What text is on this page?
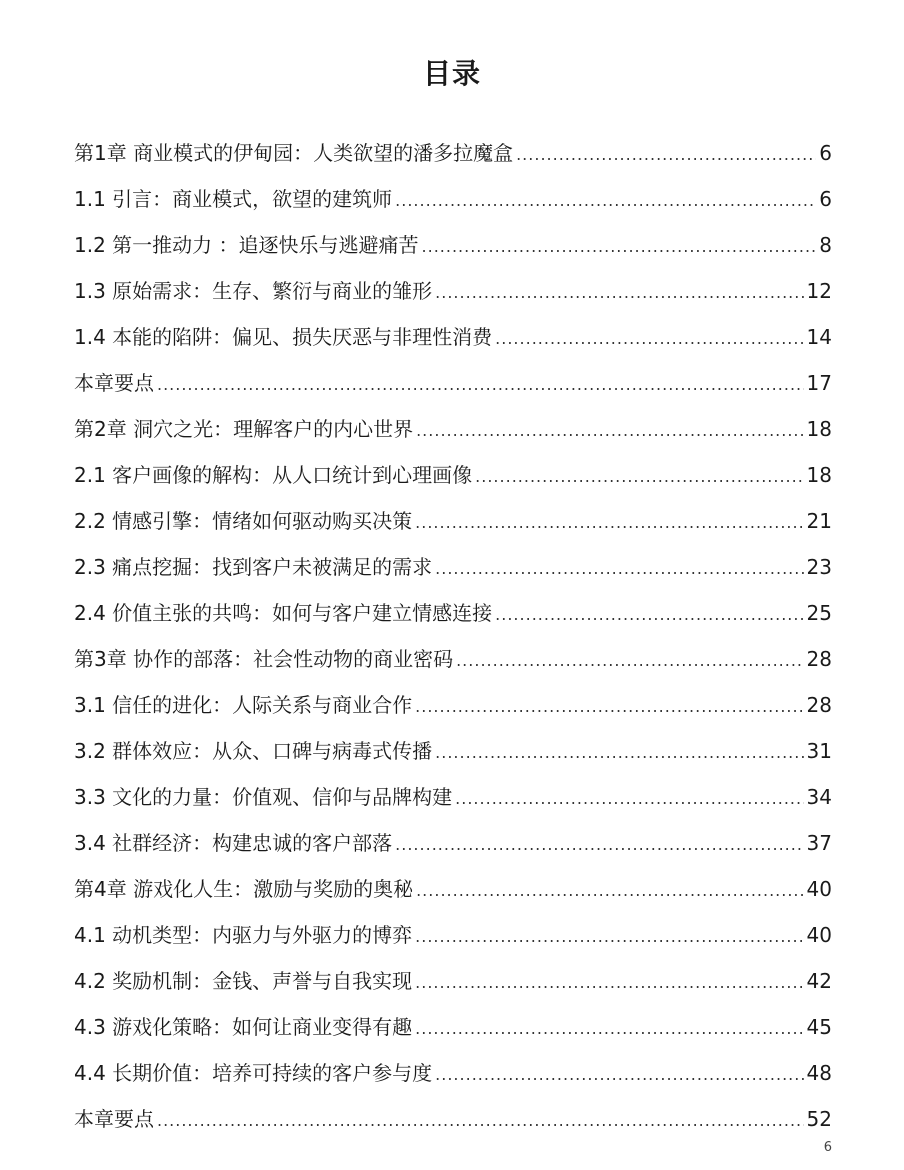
目录
第1章 商业模式的伊甸园：人类欲望的潘多拉魔盒 .....	6
1.1 引言：商业模式，欲望的建筑师 .....	6
1.2 第一推动力 ：追逐快乐与逃避痛苦 .....	8
1.3 原始需求：生存、繁衍与商业的雏形 .....	12
1.4 本能的陷阱：偏见、损失厌恶与非理性消费 .....	14
本章要点 .....	17
第2章 洞穴之光：理解客户的内心世界 .....	18
2.1 客户画像的解构：从人口统计到心理画像 .....	18
2.2 情感引擎：情绪如何驱动购买决策 .....	21
2.3 痛点挖掘：找到客户未被满足的需求 .....	23
2.4 价值主张的共鸣：如何与客户建立情感连接 .....	25
第3章 协作的部落：社会性动物的商业密码 .....	28
3.1 信任的进化：人际关系与商业合作 .....	28
3.2 群体效应：从众、口碑与病毒式传播 .....	31
3.3 文化的力量：价值观、信仰与品牌构建 .....	34
3.4 社群经济：构建忠诚的客户部落 .....	37
第4章 游戏化人生：激励与奖励的奥秘 .....	40
4.1 动机类型：内驱力与外驱力的博弈 .....	40
4.2 奖励机制：金钱、声誉与自我实现 .....	42
4.3 游戏化策略：如何让商业变得有趣 .....	45
4.4 长期价值：培养可持续的客户参与度 .....	48
本章要点 .....	52
6
